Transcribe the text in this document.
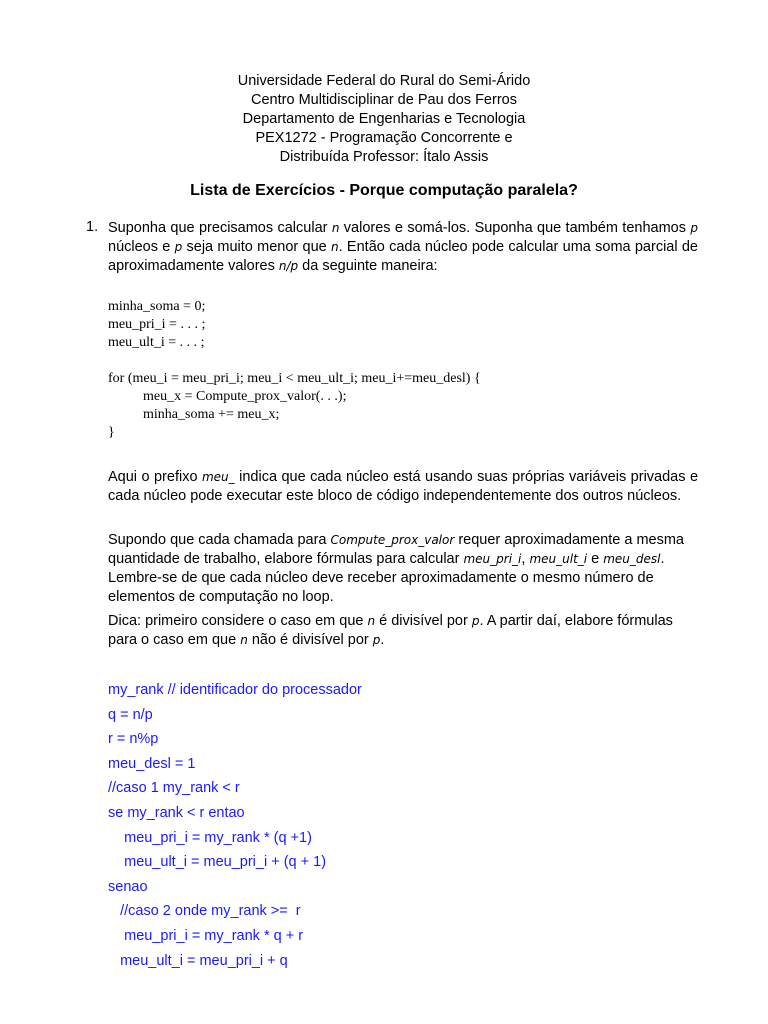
Universidade Federal do Rural do Semi-Árido
Centro Multidisciplinar de Pau dos Ferros
Departamento de Engenharias e Tecnologia
PEX1272 - Programação Concorrente e
Distribuída Professor: Ítalo Assis
Lista de Exercícios - Porque computação paralela?
1. Suponha que precisamos calcular n valores e somá-los. Suponha que também tenhamos p núcleos e p seja muito menor que n. Então cada núcleo pode calcular uma soma parcial de aproximadamente valores n/p da seguinte maneira:
minha_soma = 0;
meu_pri_i = . . . ;
meu_ult_i = . . . ;

for (meu_i = meu_pri_i; meu_i < meu_ult_i; meu_i+=meu_desl) {
meu_x = Compute_prox_valor(. . .);
minha_soma += meu_x;
}
Aqui o prefixo meu_ indica que cada núcleo está usando suas próprias variáveis privadas e cada núcleo pode executar este bloco de código independentemente dos outros núcleos.
Supondo que cada chamada para Compute_prox_valor requer aproximadamente a mesma quantidade de trabalho, elabore fórmulas para calcular meu_pri_i, meu_ult_i e meu_desl. Lembre-se de que cada núcleo deve receber aproximadamente o mesmo número de elementos de computação no loop.
Dica: primeiro considere o caso em que n é divisível por p. A partir daí, elabore fórmulas para o caso em que n não é divisível por p.
my_rank // identificador do processador
q = n/p
r = n%p
meu_desl = 1
//caso 1 my_rank < r
se my_rank < r entao
meu_pri_i = my_rank * (q +1)
meu_ult_i = meu_pri_i + (q + 1)
senao
//caso 2 onde my_rank >=  r
meu_pri_i = my_rank * q + r
meu_ult_i = meu_pri_i + q
